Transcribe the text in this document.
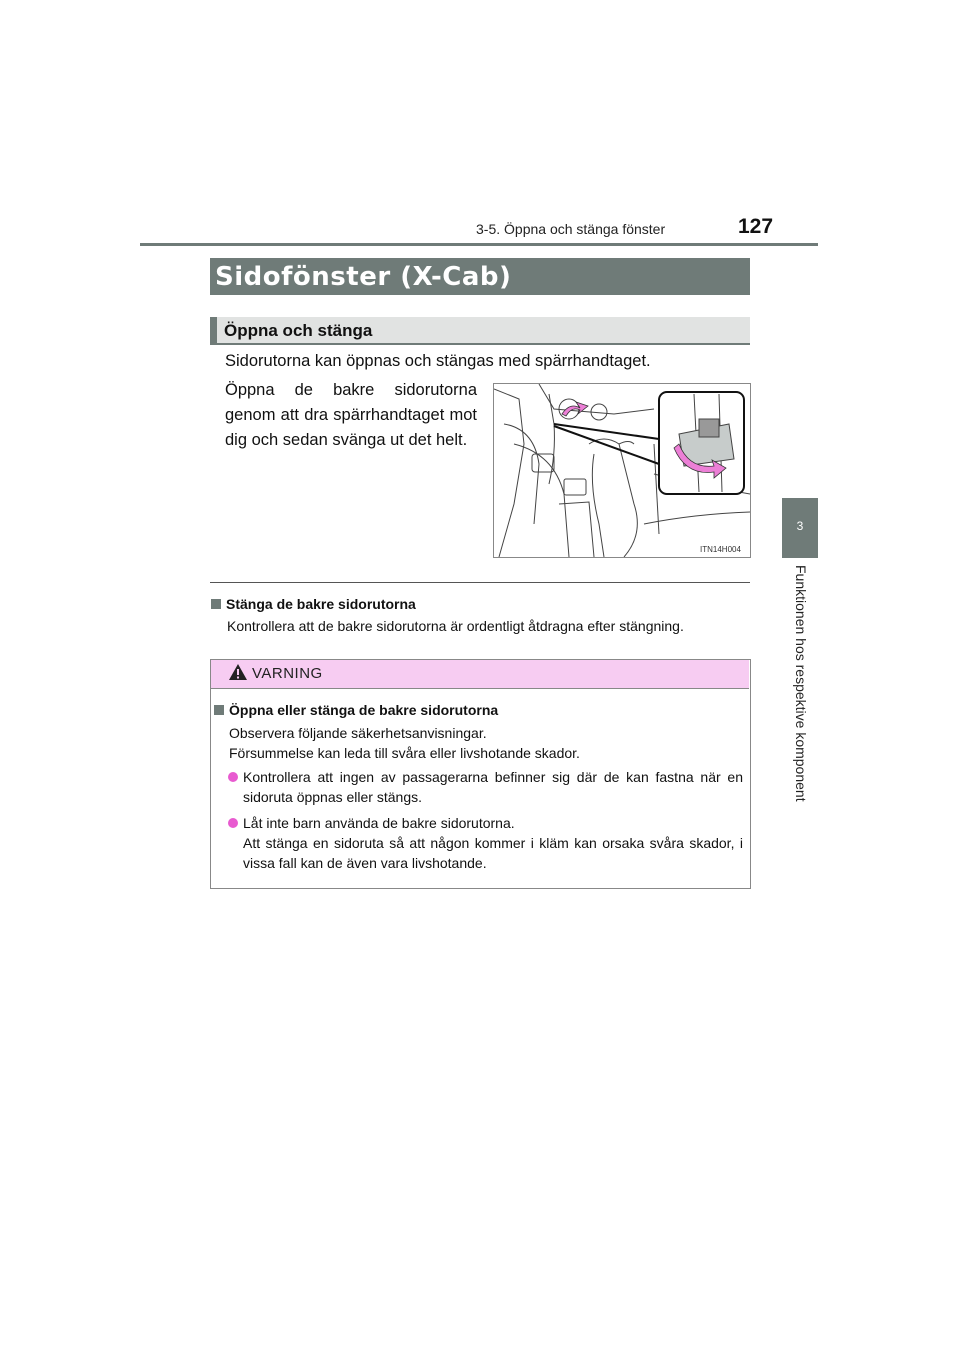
3-5. Öppna och stänga fönster	127
3
Funktionen hos respektive komponent
Sidofönster (X-Cab)
Öppna och stänga
Sidorutorna kan öppnas och stängas med spärrhandtaget.
Öppna de bakre sidorutorna genom att dra spärrhandtaget mot dig och sedan svänga ut det helt.
ITN14H004
Stänga de bakre sidorutorna
Kontrollera att de bakre sidorutorna är ordentligt åtdragna efter stängning.
VARNING
Öppna eller stänga de bakre sidorutorna
Observera följande säkerhetsanvisningar.
Försummelse kan leda till svåra eller livshotande skador.
Kontrollera att ingen av passagerarna befinner sig där de kan fastna när en sidoruta öppnas eller stängs.
Låt inte barn använda de bakre sidorutorna.
Att stänga en sidoruta så att någon kommer i kläm kan orsaka svåra skador, i vissa fall kan de även vara livshotande.
